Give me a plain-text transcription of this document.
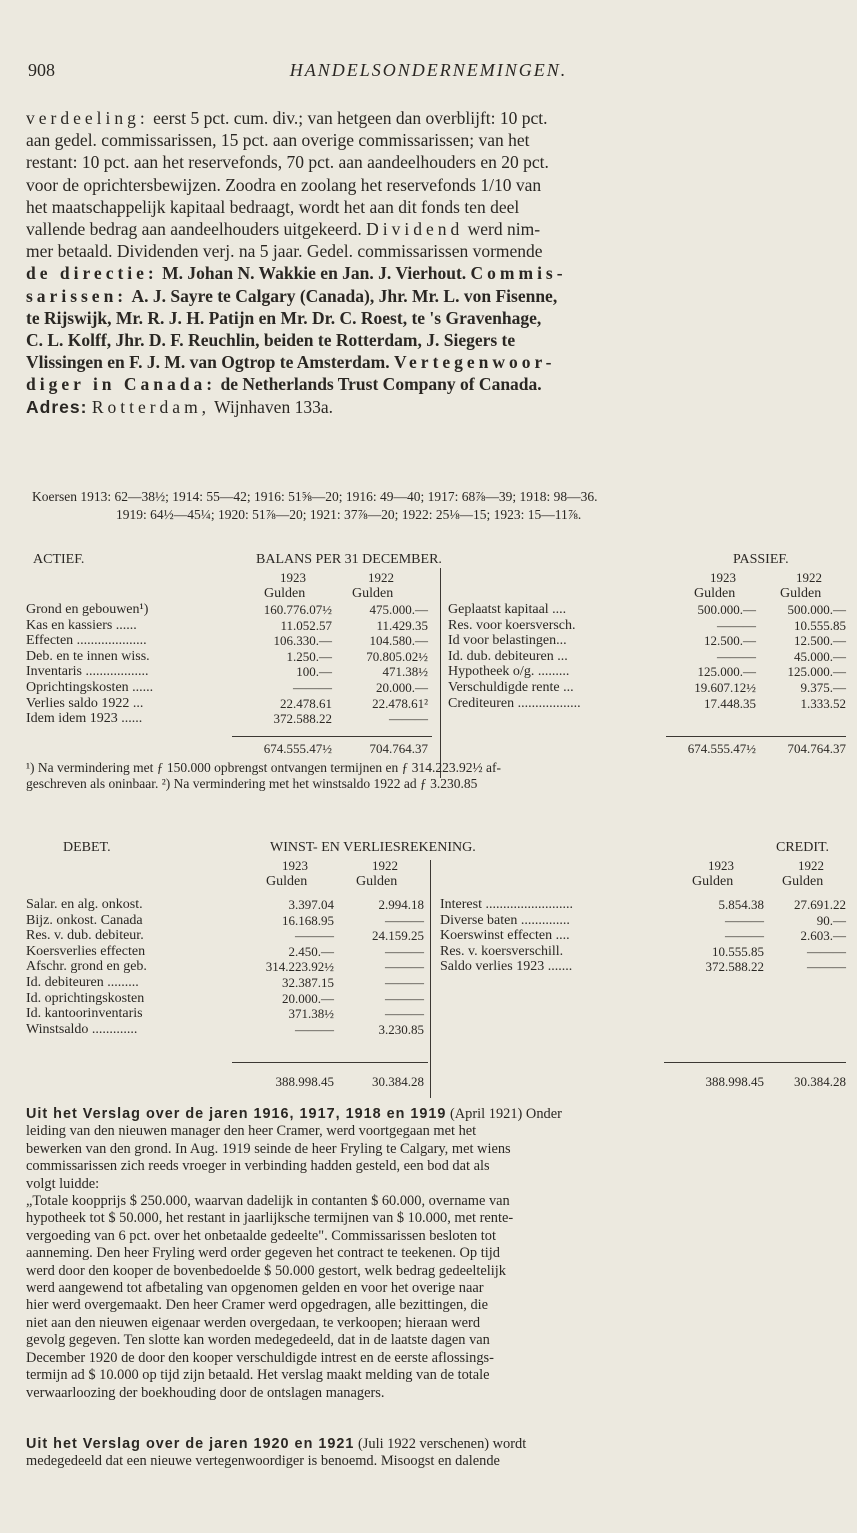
908	HANDELSONDERNEMINGEN.

verdeeling: eerst 5 pct. cum. div.; van hetgeen dan overblijft: 10 pct.

aan gedel. commissarissen, 15 pct. aan overige commissarissen; van het

restant: 10 pct. aan het reservefonds, 70 pct. aan aandeelhouders en 20 pct.

voor de oprichtersbewijzen. Zoodra en zoolang het reservefonds 1/10 van

het maatschappelijk kapitaal bedraagt, wordt het aan dit fonds ten deel

vallende bedrag aan aandeelhouders uitgekeerd. Dividend werd nim-

mer betaald. Dividenden verj. na 5 jaar. Gedel. commissarissen vormende

de directie: M. Johan N. Wakkie en Jan. J. Vierhout. Commis-

sarissen: A. J. Sayre te Calgary (Canada), Jhr. Mr. L. von Fisenne,

te Rijswijk, Mr. R. J. H. Patijn en Mr. Dr. C. Roest, te 's Gravenhage,

C. L. Kolff, Jhr. D. F. Reuchlin, beiden te Rotterdam, J. Siegers te

Vlissingen en F. J. M. van Ogtrop te Amsterdam. Vertegenwoor-

diger in Canada: de Netherlands Trust Company of Canada.

Adres: Rotterdam, Wijnhaven 133a.

Koersen 1913: 62—38½; 1914: 55—42; 1916: 51⅝—20; 1916: 49—40; 1917: 68⅞—39; 1918: 98—36.
1919: 64½—45¼; 1920: 51⅞—20; 1921: 37⅞—20; 1922: 25⅛—15; 1923: 15—11⅞.
ACTIEF.	BALANS PER 31 DECEMBER.	PASSIEF.
1923	1922
Gulden	Gulden
1923	1922
Gulden	Gulden
Grond en gebouwen¹)	160.776.07½	475.000.—
Kas en kassiers ......	11.052.57	11.429.35
Effecten ....................	106.330.—	104.580.—
Deb. en te innen wiss.	1.250.—	70.805.02½
Inventaris ..................	100.—	471.38½
Oprichtingskosten ......	———	20.000.—
Verlies saldo 1922 ...	22.478.61	22.478.61²
Idem idem 1923 ......	372.588.22	———
Geplaatst kapitaal ....	500.000.— 500.000.—
Res. voor koersversch.	———	10.555.85
Id voor belastingen...	12.500.—	12.500.—
Id. dub. debiteuren ...	———	45.000.—
Hypotheek o/g. .........	125.000.— 125.000.—
Verschuldigde rente ...	19.607.12½	9.375.—
Crediteuren ..................	17.448.35	1.333.52
674.555.47½	704.764.37	674.555.47½ 704.764.37
¹) Na vermindering met ƒ 150.000 opbrengst ontvangen termijnen en ƒ 314.223.92½ af-
geschreven als oninbaar. ²) Na vermindering met het winstsaldo 1922 ad ƒ 3.230.85
DEBET.	WINST- EN VERLIESREKENING.	CREDIT.
1923	1922
Gulden	Gulden
1923	1922
Gulden	Gulden
Salar. en alg. onkost.	3.397.04	2.994.18
Bijz. onkost. Canada	16.168.95	———
Res. v. dub. debiteur.	———	24.159.25
Koersverlies effecten	2.450.—	———
Afschr. grond en geb.	314.223.92½	———
Id. debiteuren .........	32.387.15	———
Id. oprichtingskosten	20.000.—	———
Id. kantoorinventaris	371.38½	———
Winstsaldo .............	———	3.230.85
Interest .........................	5.854.38 27.691.22
Diverse baten ..............	———	90.—
Koerswinst effecten ....	———	2.603.—
Res. v. koersverschill.	10.555.85	———
Saldo verlies 1923 .......	372.588.22	———
388.998.45	30.384.28	388.998.45 30.384.28

Uit het Verslag over de jaren 1916, 1917, 1918 en 1919 (April 1921) Onder

leiding van den nieuwen manager den heer Cramer, werd voortgegaan met het

bewerken van den grond. In Aug. 1919 seinde de heer Fryling te Calgary, met wiens

commissarissen zich reeds vroeger in verbinding hadden gesteld, een bod dat als

volgt luidde:

„Totale koopprijs $ 250.000, waarvan dadelijk in contanten $ 60.000, overname van

hypotheek tot $ 50.000, het restant in jaarlijksche termijnen van $ 10.000, met rente-

vergoeding van 6 pct. over het onbetaalde gedeelte". Commissarissen besloten tot

aanneming. Den heer Fryling werd order gegeven het contract te teekenen. Op tijd

werd door den kooper de bovenbedoelde $ 50.000 gestort, welk bedrag gedeeltelijk

werd aangewend tot afbetaling van opgenomen gelden en voor het overige naar

hier werd overgemaakt. Den heer Cramer werd opgedragen, alle bezittingen, die

niet aan den nieuwen eigenaar werden overgedaan, te verkoopen; hieraan werd

gevolg gegeven. Ten slotte kan worden medegedeeld, dat in de laatste dagen van

December 1920 de door den kooper verschuldigde intrest en de eerste aflossings-

termijn ad $ 10.000 op tijd zijn betaald. Het verslag maakt melding van de totale

verwaarloozing der boekhouding door de ontslagen managers.

Uit het Verslag over de jaren 1920 en 1921 (Juli 1922 verschenen) wordt

medegedeeld dat een nieuwe vertegenwoordiger is benoemd. Misoogst en dalende
